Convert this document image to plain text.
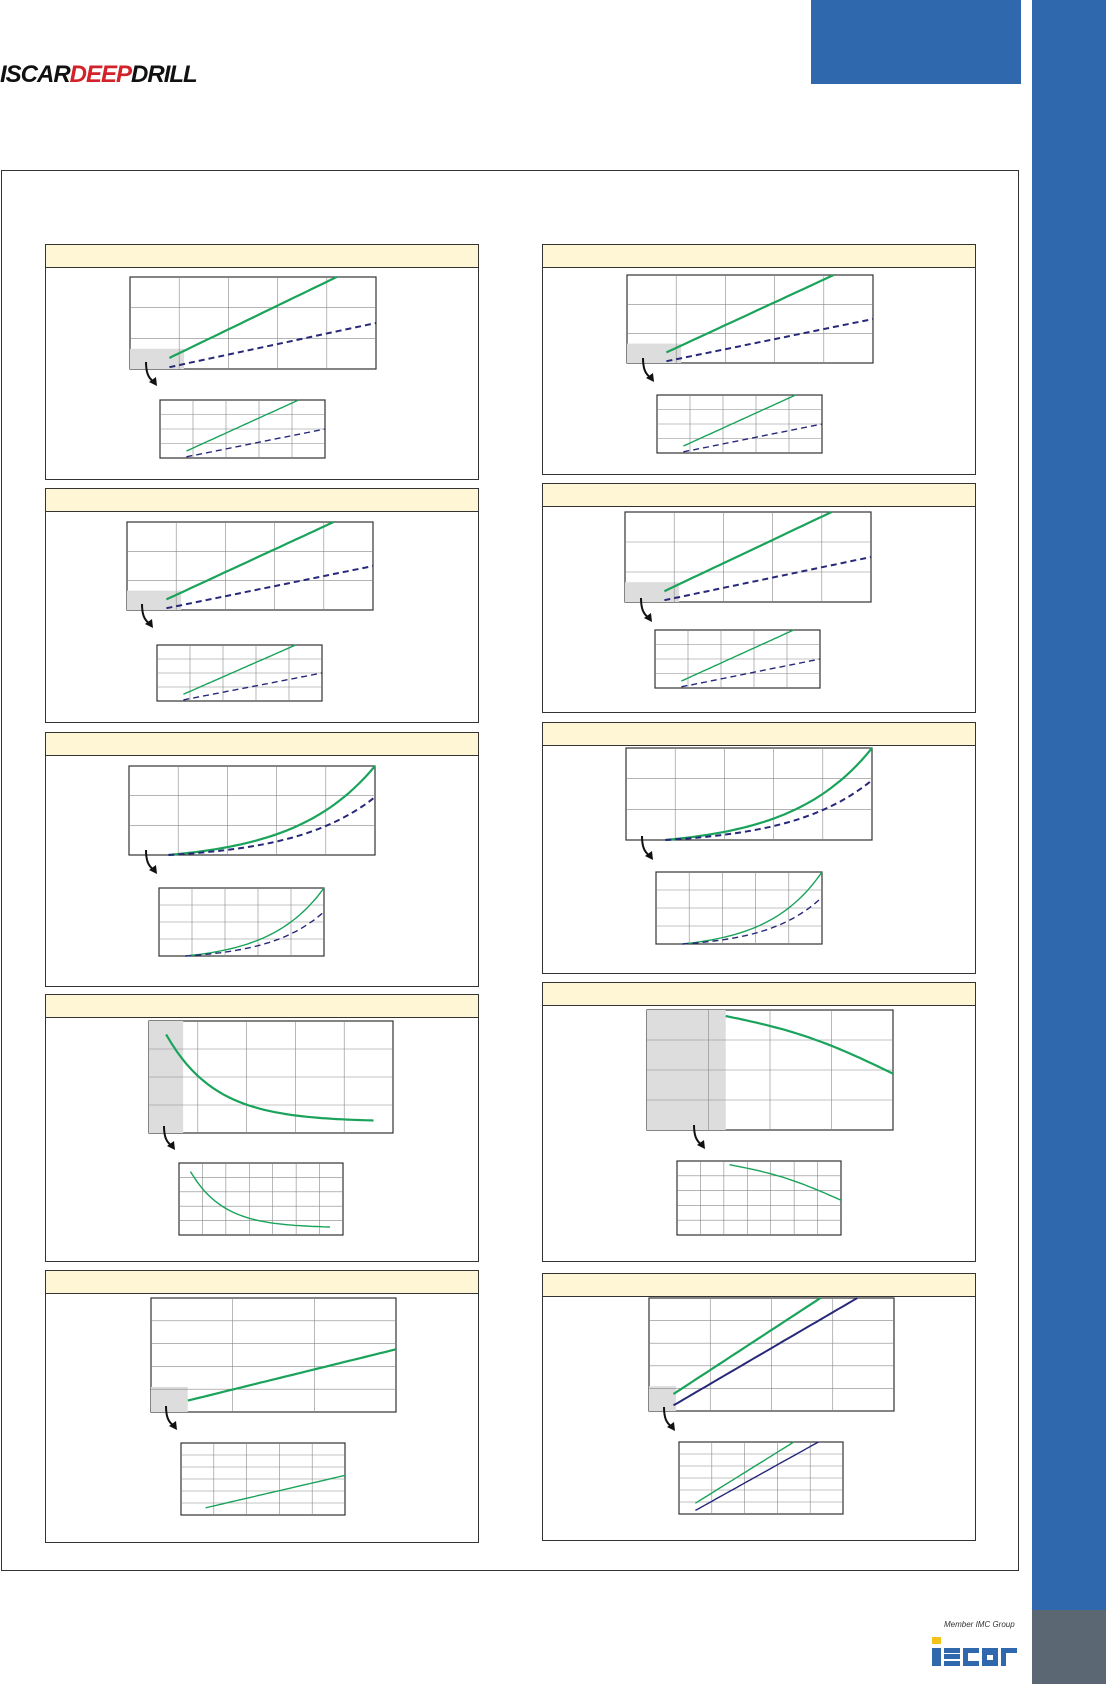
ISCARDEEPDRILL
Member IMC Group
